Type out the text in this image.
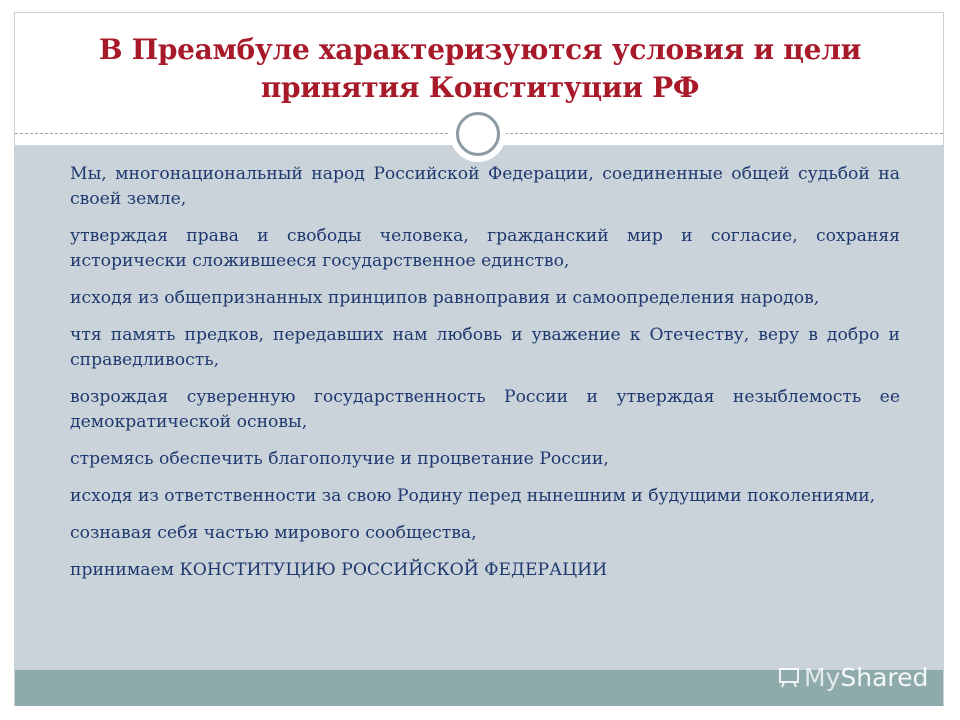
В Преамбуле характеризуются условия и цели принятия Конституции РФ

Мы, многонациональный народ Российской Федерации, соединенные общей судьбой на своей земле,

утверждая права и свободы человека, гражданский мир и согласие, сохраняя исторически сложившееся государственное единство,

исходя из общепризнанных принципов равноправия и самоопределения народов,

чтя память предков, передавших нам любовь и уважение к Отечеству, веру в добро и справедливость,

возрождая суверенную государственность России и утверждая незыблемость ее демократической основы,

стремясь обеспечить благополучие и процветание России,

исходя из ответственности за свою Родину перед нынешним и будущими поколениями,

сознавая себя частью мирового сообщества,

принимаем КОНСТИТУЦИЮ РОССИЙСКОЙ ФЕДЕРАЦИИ

MyShared
